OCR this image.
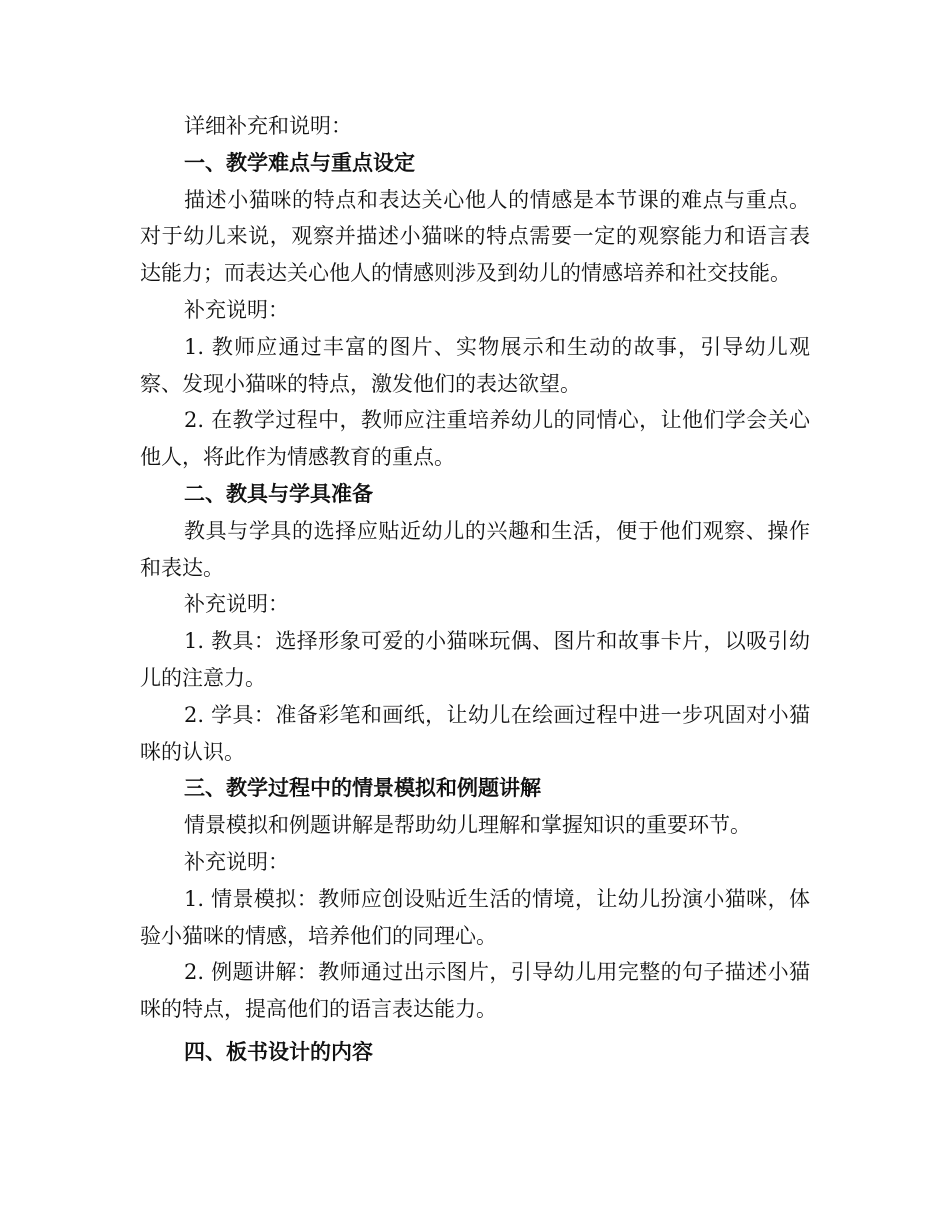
详细补充和说明：

一、教学难点与重点设定

描述小猫咪的特点和表达关心他人的情感是本节课的难点与重点。对于幼儿来说，观察并描述小猫咪的特点需要一定的观察能力和语言表达能力；而表达关心他人的情感则涉及到幼儿的情感培养和社交技能。

补充说明：

1. 教师应通过丰富的图片、实物展示和生动的故事，引导幼儿观察、发现小猫咪的特点，激发他们的表达欲望。

2. 在教学过程中，教师应注重培养幼儿的同情心，让他们学会关心他人，将此作为情感教育的重点。

二、教具与学具准备

教具与学具的选择应贴近幼儿的兴趣和生活，便于他们观察、操作和表达。

补充说明：

1. 教具：选择形象可爱的小猫咪玩偶、图片和故事卡片，以吸引幼儿的注意力。

2. 学具：准备彩笔和画纸，让幼儿在绘画过程中进一步巩固对小猫咪的认识。

三、教学过程中的情景模拟和例题讲解

情景模拟和例题讲解是帮助幼儿理解和掌握知识的重要环节。

补充说明：

1. 情景模拟：教师应创设贴近生活的情境，让幼儿扮演小猫咪，体验小猫咪的情感，培养他们的同理心。

2. 例题讲解：教师通过出示图片，引导幼儿用完整的句子描述小猫咪的特点，提高他们的语言表达能力。

四、板书设计的内容
